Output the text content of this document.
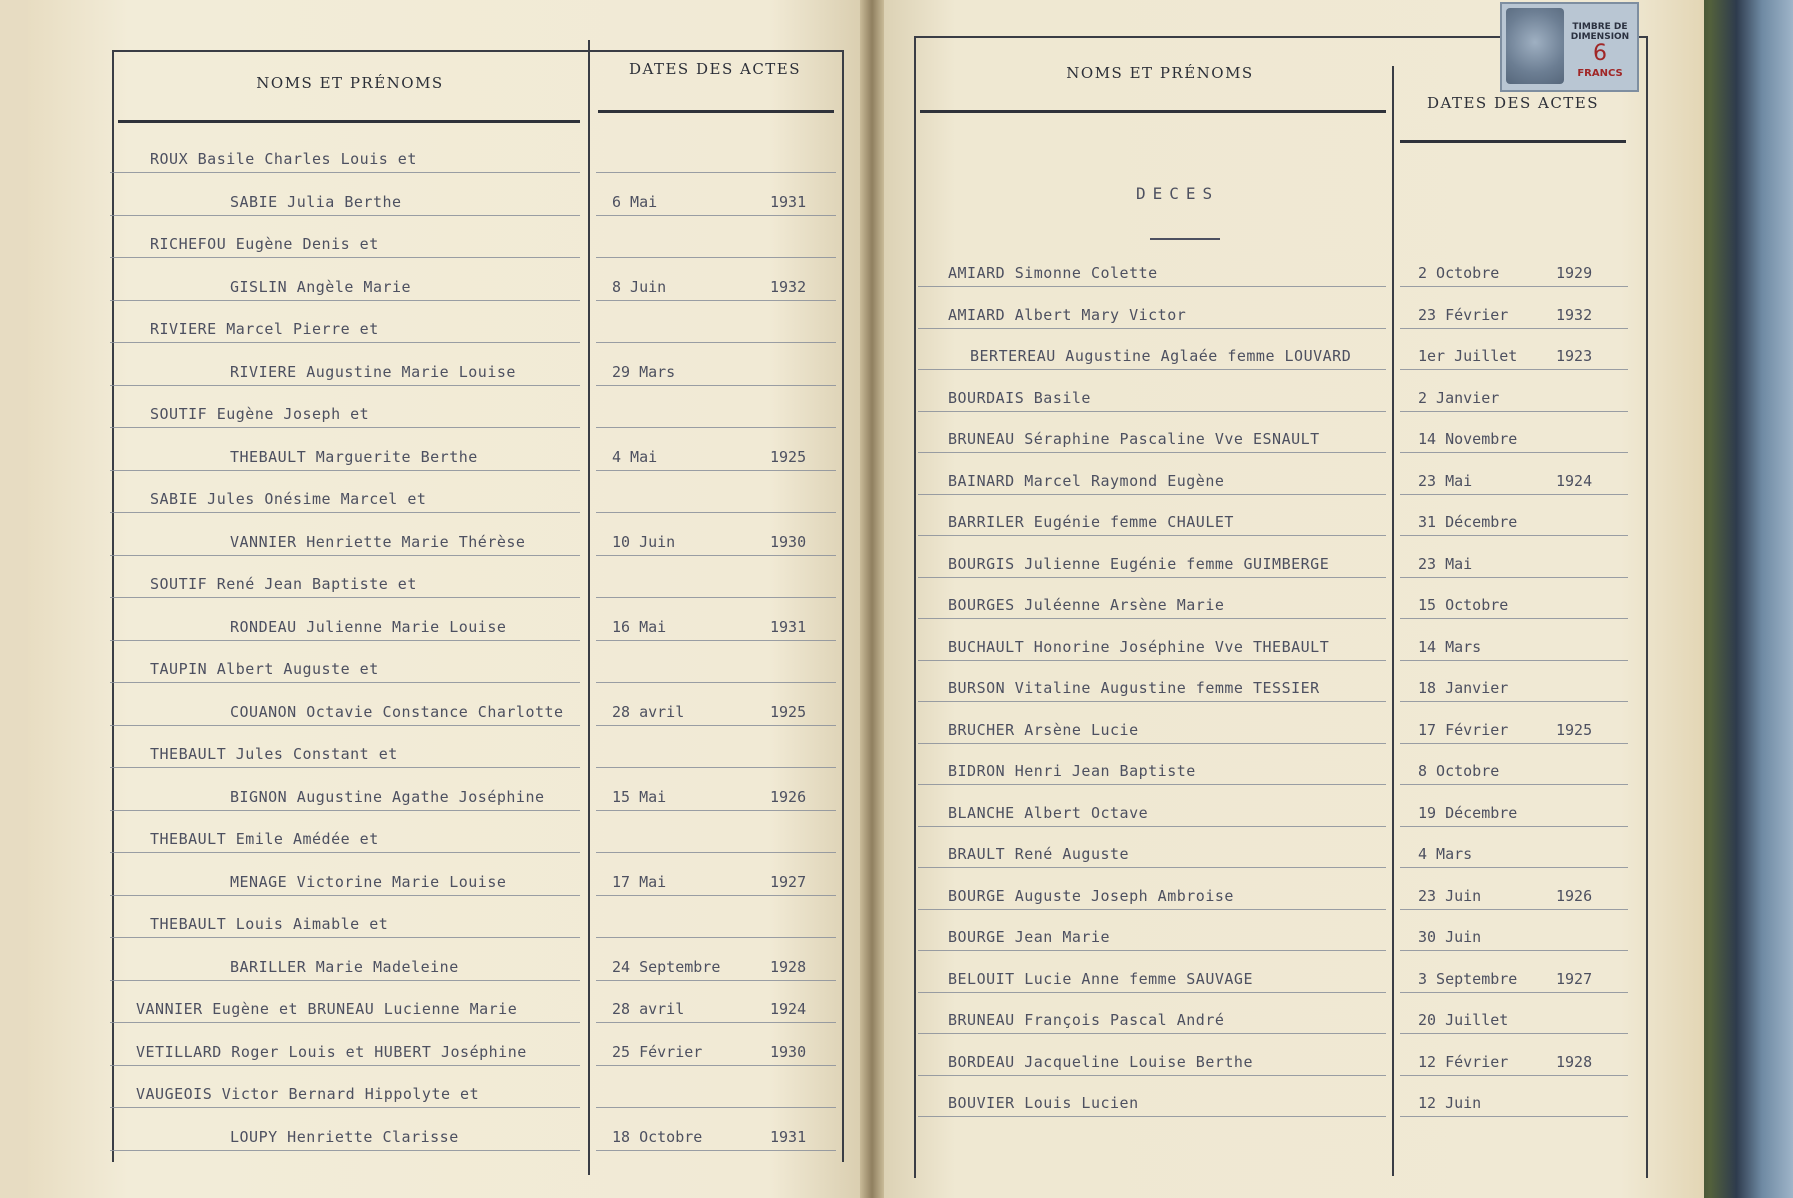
NOMS ET PRÉNOMS
DATES DES ACTES
ROUX Basile Charles Louis et
SABIE Julia Berthe	6 Mai	1931
RICHEFOU Eugène Denis et
GISLIN Angèle Marie	8 Juin	1932
RIVIERE Marcel Pierre et
RIVIERE Augustine Marie Louise	29 Mars
SOUTIF Eugène Joseph et
THEBAULT Marguerite Berthe	4 Mai	1925
SABIE Jules Onésime Marcel et
VANNIER Henriette Marie Thérèse	10 Juin	1930
SOUTIF René Jean Baptiste et
RONDEAU Julienne Marie Louise	16 Mai	1931
TAUPIN Albert Auguste et
COUANON Octavie Constance Charlotte	28 avril	1925
THEBAULT Jules Constant et
BIGNON Augustine Agathe Joséphine	15 Mai	1926
THEBAULT Emile Amédée et
MENAGE Victorine Marie Louise	17 Mai	1927
THEBAULT Louis Aimable et
BARILLER Marie Madeleine	24 Septembre	1928
VANNIER Eugène et BRUNEAU Lucienne Marie	28 avril	1924
VETILLARD Roger Louis et HUBERT Joséphine	25 Février	1930
VAUGEOIS Victor Bernard Hippolyte et
LOUPY Henriette Clarisse	18 Octobre	1931
NOMS ET PRÉNOMS
DATES DES ACTES
DECES
AMIARD Simonne Colette	2 Octobre	1929
AMIARD Albert Mary Victor	23 Février	1932
BERTEREAU Augustine Aglaée femme LOUVARD	1er Juillet	1923
BOURDAIS Basile	2 Janvier
BRUNEAU Séraphine Pascaline Vve ESNAULT	14 Novembre
BAINARD Marcel Raymond Eugène	23 Mai	1924
BARRILER Eugénie femme CHAULET	31 Décembre
BOURGIS Julienne Eugénie femme GUIMBERGE	23 Mai
BOURGES Juléenne Arsène Marie	15 Octobre
BUCHAULT Honorine Joséphine Vve THEBAULT	14 Mars
BURSON Vitaline Augustine femme TESSIER	18 Janvier
BRUCHER Arsène Lucie	17 Février	1925
BIDRON Henri Jean Baptiste	8 Octobre
BLANCHE Albert Octave	19 Décembre
BRAULT René Auguste	4 Mars
BOURGE Auguste Joseph Ambroise	23 Juin	1926
BOURGE Jean Marie	30 Juin
BELOUIT Lucie Anne femme SAUVAGE	3 Septembre	1927
BRUNEAU François Pascal André	20 Juillet
BORDEAU Jacqueline Louise Berthe	12 Février	1928
BOUVIER Louis Lucien	12 Juin
TIMBRE DE
DIMENSION
6
FRANCS
